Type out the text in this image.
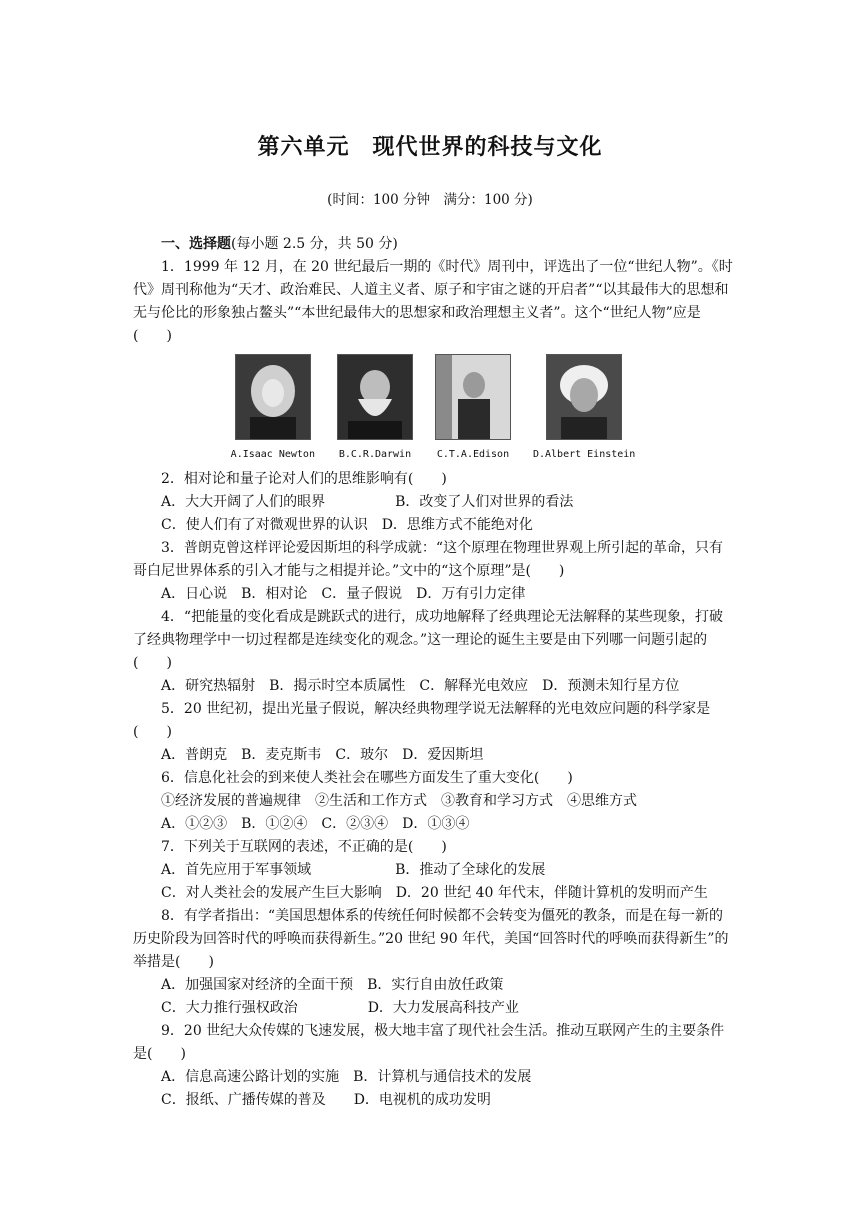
第六单元　现代世界的科技与文化
(时间：100 分钟　满分：100 分)

一、选择题(每小题 2.5 分，共 50 分)

1．1999 年 12 月，在 20 世纪最后一期的《时代》周刊中，评选出了一位“世纪人物”。《时代》周刊称他为“天才、政治难民、人道主义者、原子和宇宙之谜的开启者”“以其最伟大的思想和无与伦比的形象独占鳌头”“本世纪最伟大的思想家和政治理想主义者”。这个“世纪人物”应是(　　)

A.Isaac Newton B.C.R.Darwin	C.T.A.Edison D.Albert Einstein

2．相对论和量子论对人们的思维影响有(　　)

A．大大开阔了人们的眼界　　　　　B．改变了人们对世界的看法

C．使人们有了对微观世界的认识　D．思维方式不能绝对化

3．普朗克曾这样评论爱因斯坦的科学成就：“这个原理在物理世界观上所引起的革命，只有哥白尼世界体系的引入才能与之相提并论。”文中的“这个原理”是(　　)

A．日心说　B．相对论　C．量子假说　D．万有引力定律

4．“把能量的变化看成是跳跃式的进行，成功地解释了经典理论无法解释的某些现象，打破了经典物理学中一切过程都是连续变化的观念。”这一理论的诞生主要是由下列哪一问题引起的(　　)

A．研究热辐射　B．揭示时空本质属性　C．解释光电效应　D．预测未知行星方位

5．20 世纪初，提出光量子假说，解决经典物理学说无法解释的光电效应问题的科学家是(　　)

A．普朗克　B．麦克斯韦　C．玻尔　D．爱因斯坦

6．信息化社会的到来使人类社会在哪些方面发生了重大变化(　　)

①经济发展的普遍规律　②生活和工作方式　③教育和学习方式　④思维方式

A．①②③　B．①②④　C．②③④　D．①③④

7．下列关于互联网的表述，不正确的是(　　)

A．首先应用于军事领域　　　　　　B．推动了全球化的发展

C．对人类社会的发展产生巨大影响　D．20 世纪 40 年代末，伴随计算机的发明而产生

8．有学者指出：“美国思想体系的传统任何时候都不会转变为僵死的教条，而是在每一新的历史阶段为回答时代的呼唤而获得新生。”20 世纪 90 年代，美国“回答时代的呼唤而获得新生”的举措是(　　)

A．加强国家对经济的全面干预　B．实行自由放任政策

C．大力推行强权政治　　　　　D．大力发展高科技产业

9．20 世纪大众传媒的飞速发展，极大地丰富了现代社会生活。推动互联网产生的主要条件是(　　)

A．信息高速公路计划的实施　B．计算机与通信技术的发展

C．报纸、广播传媒的普及　　D．电视机的成功发明
